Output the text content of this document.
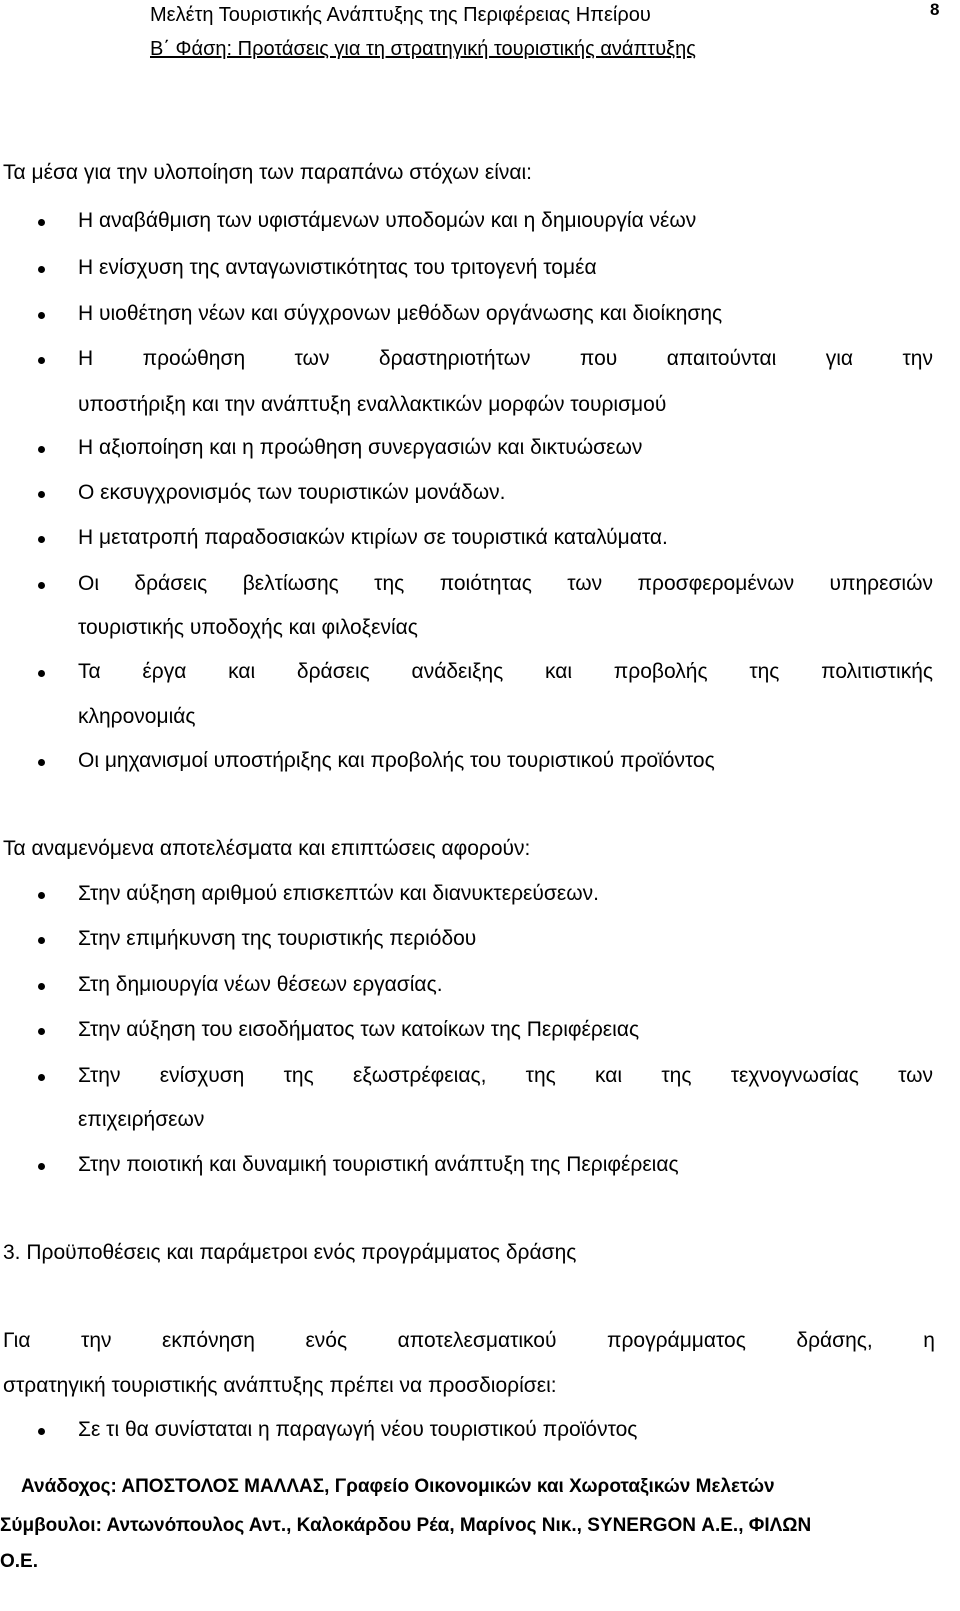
Μελέτη Τουριστικής Ανάπτυξης της Περιφέρειας Ηπείρου	8
Β΄ Φάση: Προτάσεις για τη στρατηγική τουριστικής ανάπτυξης
Τα μέσα για την υλοποίηση των παραπάνω στόχων είναι:
Η αναβάθμιση των υφιστάμενων υποδομών και η δημιουργία νέων
Η ενίσχυση της ανταγωνιστικότητας του τριτογενή τομέα
Η υιοθέτηση νέων και σύγχρονων μεθόδων οργάνωσης και διοίκησης
Η προώθηση των δραστηριοτήτων που απαιτούνται για την
υποστήριξη και την ανάπτυξη εναλλακτικών μορφών τουρισμού
Η αξιοποίηση και η προώθηση συνεργασιών και δικτυώσεων
Ο εκσυγχρονισμός των τουριστικών μονάδων.
Η μετατροπή παραδοσιακών κτιρίων σε τουριστικά καταλύματα.
Οι δράσεις βελτίωσης της ποιότητας των προσφερομένων υπηρεσιών
τουριστικής υποδοχής και φιλοξενίας
Τα έργα και δράσεις ανάδειξης και προβολής της πολιτιστικής
κληρονομιάς
Οι μηχανισμοί υποστήριξης και προβολής του τουριστικού προϊόντος
Τα αναμενόμενα αποτελέσματα και επιπτώσεις αφορούν:
Στην αύξηση αριθμού επισκεπτών και διανυκτερεύσεων.
Στην επιμήκυνση της τουριστικής περιόδου
Στη δημιουργία νέων θέσεων εργασίας.
Στην αύξηση του εισοδήματος των κατοίκων της Περιφέρειας
Στην ενίσχυση της εξωστρέφειας, της και της τεχνογνωσίας των
επιχειρήσεων
Στην ποιοτική και δυναμική τουριστική ανάπτυξη της Περιφέρειας
3. Προϋποθέσεις και παράμετροι ενός προγράμματος δράσης
Για την εκπόνηση ενός αποτελεσματικού προγράμματος δράσης, η
στρατηγική τουριστικής ανάπτυξης πρέπει να προσδιορίσει:
Σε τι θα συνίσταται η παραγωγή νέου τουριστικού προϊόντος
Ανάδοχος: ΑΠΟΣΤΟΛΟΣ ΜΑΛΛΑΣ, Γραφείο Οικονομικών και Χωροταξικών Μελετών
Σύμβουλοι: Αντωνόπουλος Αντ., Καλοκάρδου Ρέα, Μαρίνος Νικ., SYNERGON Α.Ε., ΦΙΛΩΝ
Ο.Ε.
